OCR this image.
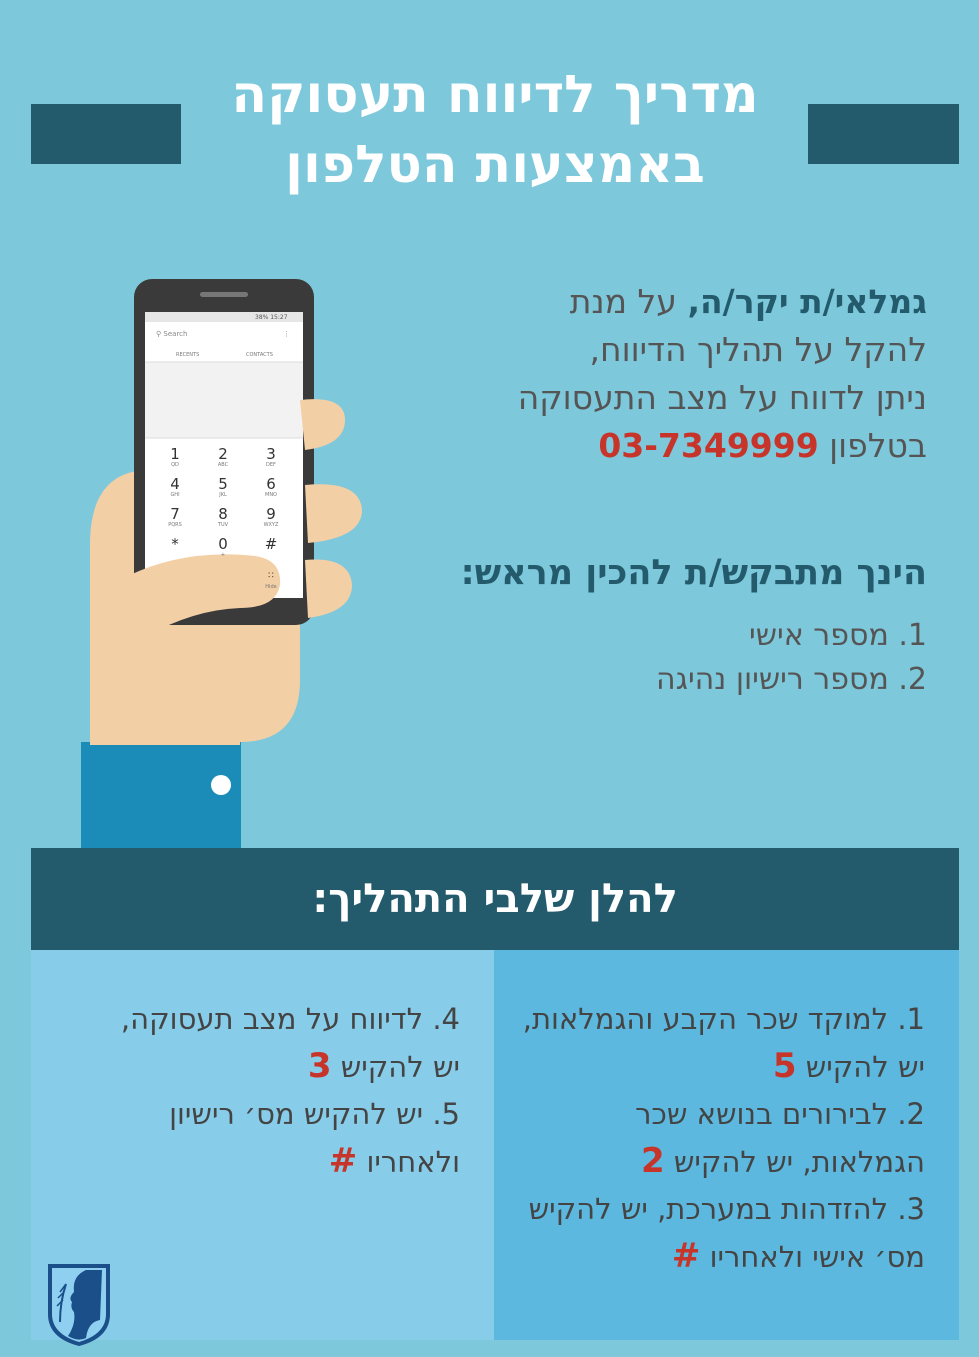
מדריך לדיווח תעסוקה
באמצעות הטלפון
38% 15:27
⚲ Search	⋮
RECENTS	CONTACTS
1
QD
2
ABC
3
DEF
4
GHI
5
JKL
6
MNO
7
PQRS
8
TUV
9
WXYZ
*	0
+
#
∷
Hide
גמלאי/ת יקר/ה, על מנת
להקל על תהליך הדיווח,
ניתן לדווח על מצב התעסוקה
בטלפון 03-7349999
הינך מתבקש/ת להכין מראש:
1. מספר אישי
2. מספר רישיון נהיגה
להלן שלבי התהליך:
1. למוקד שכר הקבע והגמלאות,
יש להקיש 5
2. לבירורים בנושא שכר
הגמלאות, יש להקיש 2
3. להזדהות במערכת, יש להקיש
מס׳ אישי ולאחריו #
4. לדיווח על מצב תעסוקה,
יש להקיש 3
5. יש להקיש מס׳ רישיון
ולאחריו #
